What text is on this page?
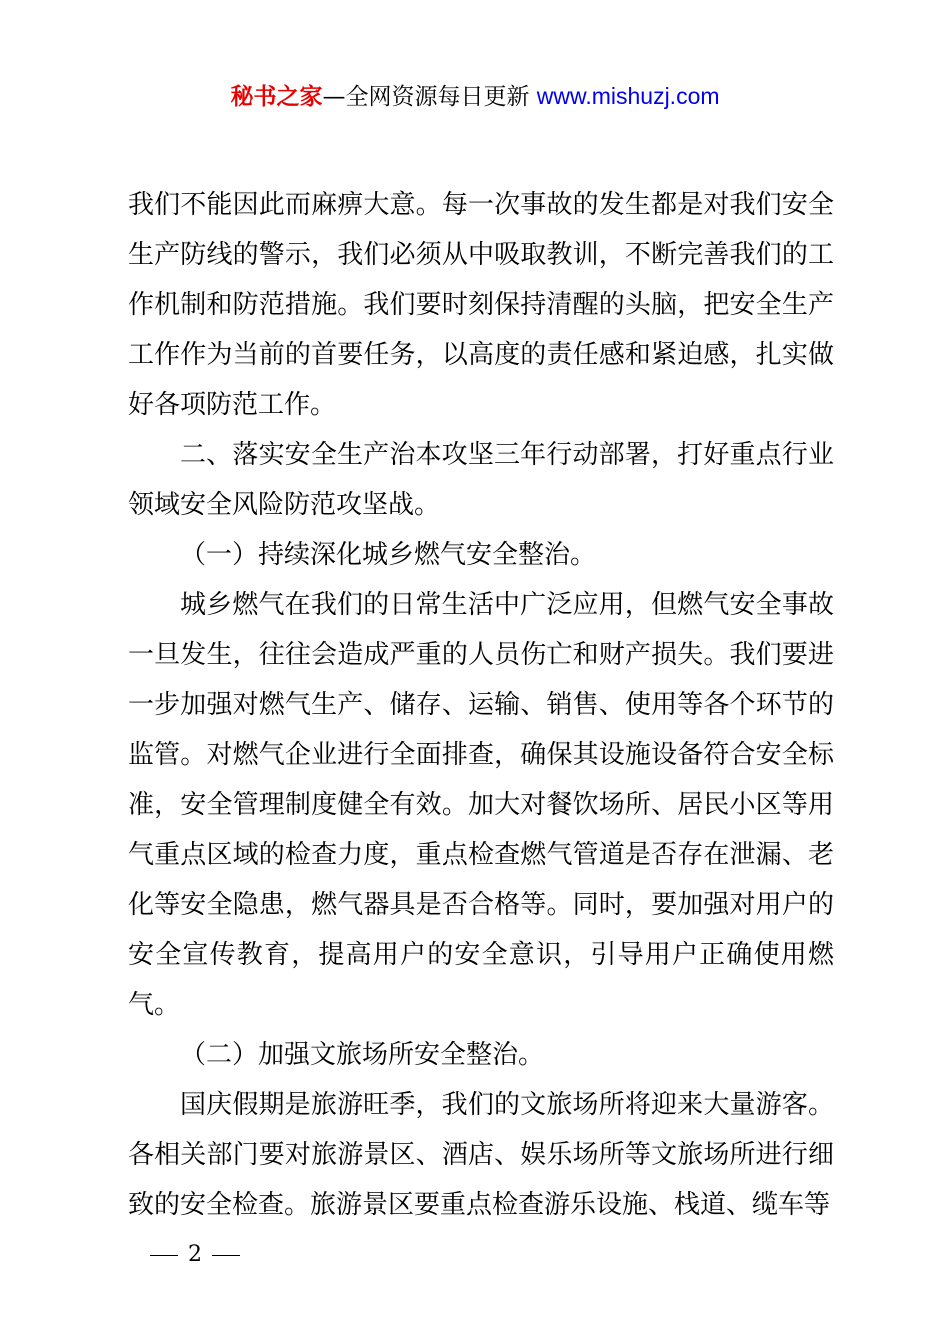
秘书之家—全网资源每日更新 www.mishuzj.com

我们不能因此而麻痹大意。每一次事故的发生都是对我们安全生产防线的警示，我们必须从中吸取教训，不断完善我们的工作机制和防范措施。我们要时刻保持清醒的头脑，把安全生产工作作为当前的首要任务，以高度的责任感和紧迫感，扎实做好各项防范工作。

二、落实安全生产治本攻坚三年行动部署，打好重点行业领域安全风险防范攻坚战。

（一）持续深化城乡燃气安全整治。

城乡燃气在我们的日常生活中广泛应用，但燃气安全事故一旦发生，往往会造成严重的人员伤亡和财产损失。我们要进一步加强对燃气生产、储存、运输、销售、使用等各个环节的监管。对燃气企业进行全面排查，确保其设施设备符合安全标准，安全管理制度健全有效。加大对餐饮场所、居民小区等用气重点区域的检查力度，重点检查燃气管道是否存在泄漏、老化等安全隐患，燃气器具是否合格等。同时，要加强对用户的安全宣传教育，提高用户的安全意识，引导用户正确使用燃气。

（二）加强文旅场所安全整治。

国庆假期是旅游旺季，我们的文旅场所将迎来大量游客。各相关部门要对旅游景区、酒店、娱乐场所等文旅场所进行细致的安全检查。旅游景区要重点检查游乐设施、栈道、缆车等

2
